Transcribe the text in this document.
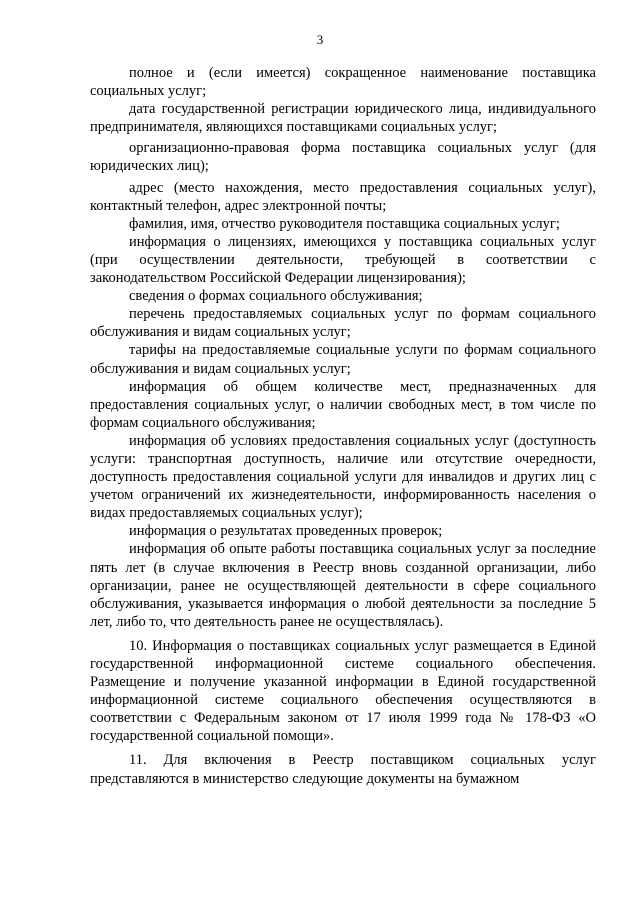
3

полное и (если имеется) сокращенное наименование поставщика социальных услуг;

дата государственной регистрации юридического лица, индивидуального предпринимателя, являющихся поставщиками социальных услуг;

организационно-правовая форма поставщика социальных услуг (для юридических лиц);

адрес (место нахождения, место предоставления социальных услуг), контактный телефон, адрес электронной почты;

фамилия, имя, отчество руководителя поставщика социальных услуг;

информация о лицензиях, имеющихся у поставщика социальных услуг (при осуществлении деятельности, требующей в соответствии с законодательством Российской Федерации лицензирования);

сведения о формах социального обслуживания;

перечень предоставляемых социальных услуг по формам социального обслуживания и видам социальных услуг;

тарифы на предоставляемые социальные услуги по формам социального обслуживания и видам социальных услуг;

информация об общем количестве мест, предназначенных для предоставления социальных услуг, о наличии свободных мест, в том числе по формам социального обслуживания;

информация об условиях предоставления социальных услуг (доступность услуги: транспортная доступность, наличие или отсутствие очередности, доступность предоставления социальной услуги для инвалидов и других лиц с учетом ограничений их жизнедеятельности, информированность населения о видах предоставляемых социальных услуг);

информация о результатах проведенных проверок;

информация об опыте работы поставщика социальных услуг за последние пять лет (в случае включения в Реестр вновь созданной организации, либо организации, ранее не осуществляющей деятельности в сфере социального обслуживания, указывается информация о любой деятельности за последние 5 лет, либо то, что деятельность ранее не осуществлялась).

10. Информация о поставщиках социальных услуг размещается в Единой государственной информационной системе социального обеспечения. Размещение и получение указанной информации в Единой государственной информационной системе социального обеспечения осуществляются в соответствии с Федеральным законом от 17 июля 1999 года № 178-ФЗ «О государственной социальной помощи».

11. Для включения в Реестр поставщиком социальных услуг представляются в министерство следующие документы на бумажном
